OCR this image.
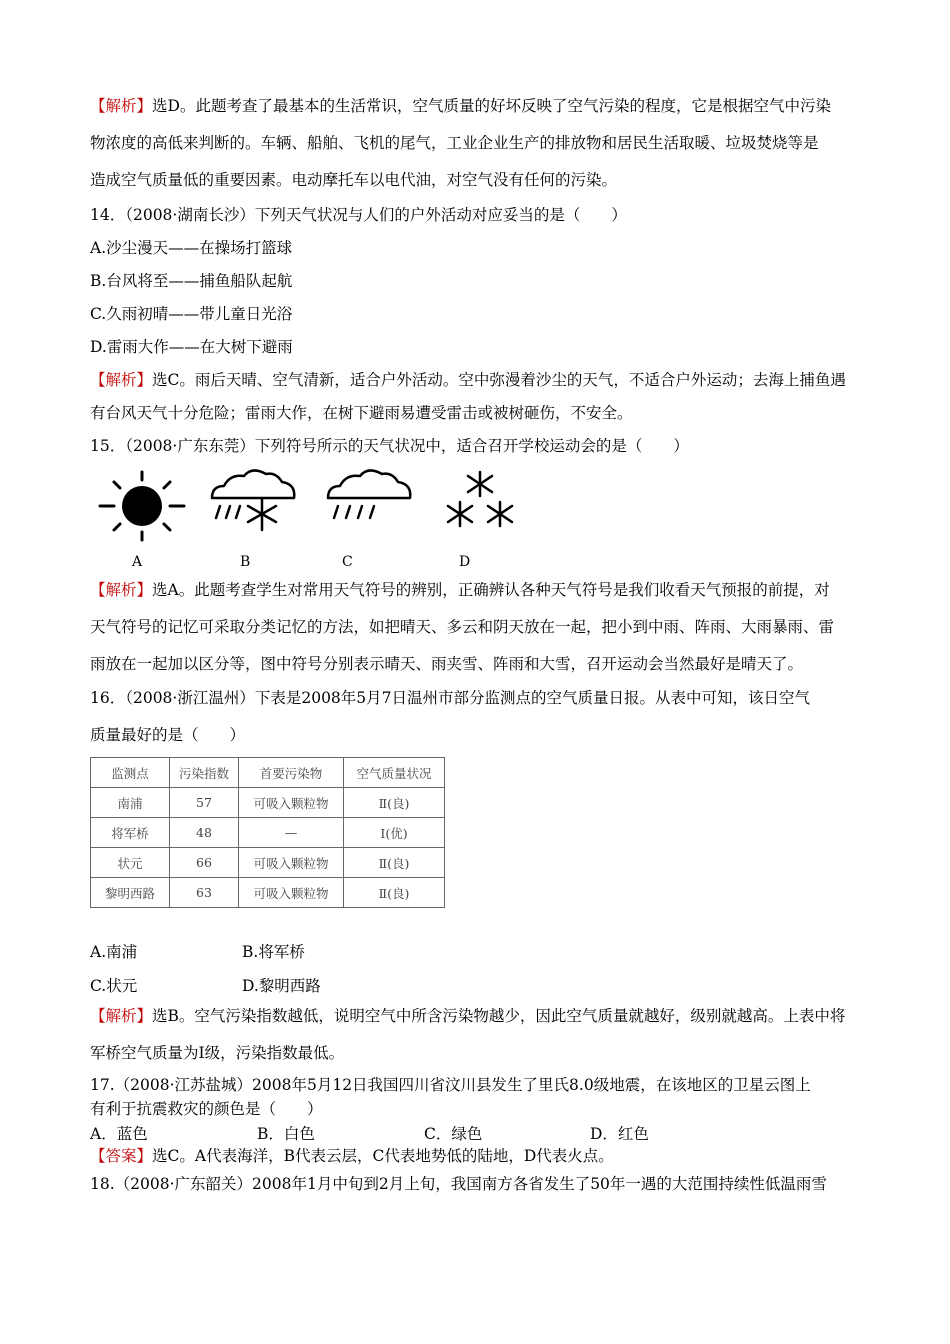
【解析】选D。此题考查了最基本的生活常识，空气质量的好坏反映了空气污染的程度，它是根据空气中污染
物浓度的高低来判断的。车辆、船舶、飞机的尾气，工业企业生产的排放物和居民生活取暖、垃圾焚烧等是
造成空气质量低的重要因素。电动摩托车以电代油，对空气没有任何的污染。
14．（2008·湖南长沙）下列天气状况与人们的户外活动对应妥当的是（　　）
A.沙尘漫天——在操场打篮球
B.台风将至——捕鱼船队起航
C.久雨初晴——带儿童日光浴
D.雷雨大作——在大树下避雨
【解析】选C。雨后天晴、空气清新，适合户外活动。空中弥漫着沙尘的天气，不适合户外运动；去海上捕鱼遇
有台风天气十分危险；雷雨大作，在树下避雨易遭受雷击或被树砸伤，不安全。
15．（2008·广东东莞）下列符号所示的天气状况中，适合召开学校运动会的是（　　）
A	B	C	D
【解析】选A。此题考查学生对常用天气符号的辨别，正确辨认各种天气符号是我们收看天气预报的前提，对
天气符号的记忆可采取分类记忆的方法，如把晴天、多云和阴天放在一起，把小到中雨、阵雨、大雨暴雨、雷
雨放在一起加以区分等，图中符号分别表示晴天、雨夹雪、阵雨和大雪，召开运动会当然最好是晴天了。
16．（2008·浙江温州）下表是2008年5月7日温州市部分监测点的空气质量日报。从表中可知，该日空气
质量最好的是（　　）
监测点	污染指数	首要污染物	空气质量状况
南浦	57	可吸入颗粒物	Ⅱ(良)
将军桥	48	—	Ⅰ(优)
状元	66	可吸入颗粒物	Ⅱ(良)
黎明西路	63	可吸入颗粒物	Ⅱ(良)
A.南浦	B.将军桥
C.状元	D.黎明西路
【解析】选B。空气污染指数越低，说明空气中所含污染物越少，因此空气质量就越好，级别就越高。上表中将
军桥空气质量为Ⅰ级，污染指数最低。
17.（2008·江苏盐城）2008年5月12日我国四川省汶川县发生了里氏8.0级地震，在该地区的卫星云图上
有利于抗震救灾的颜色是（　　）
A．蓝色	B．白色	C．绿色	D．红色
【答案】选C。A代表海洋，B代表云层，C代表地势低的陆地，D代表火点。
18.（2008·广东韶关）2008年1月中旬到2月上旬，我国南方各省发生了50年一遇的大范围持续性低温雨雪
